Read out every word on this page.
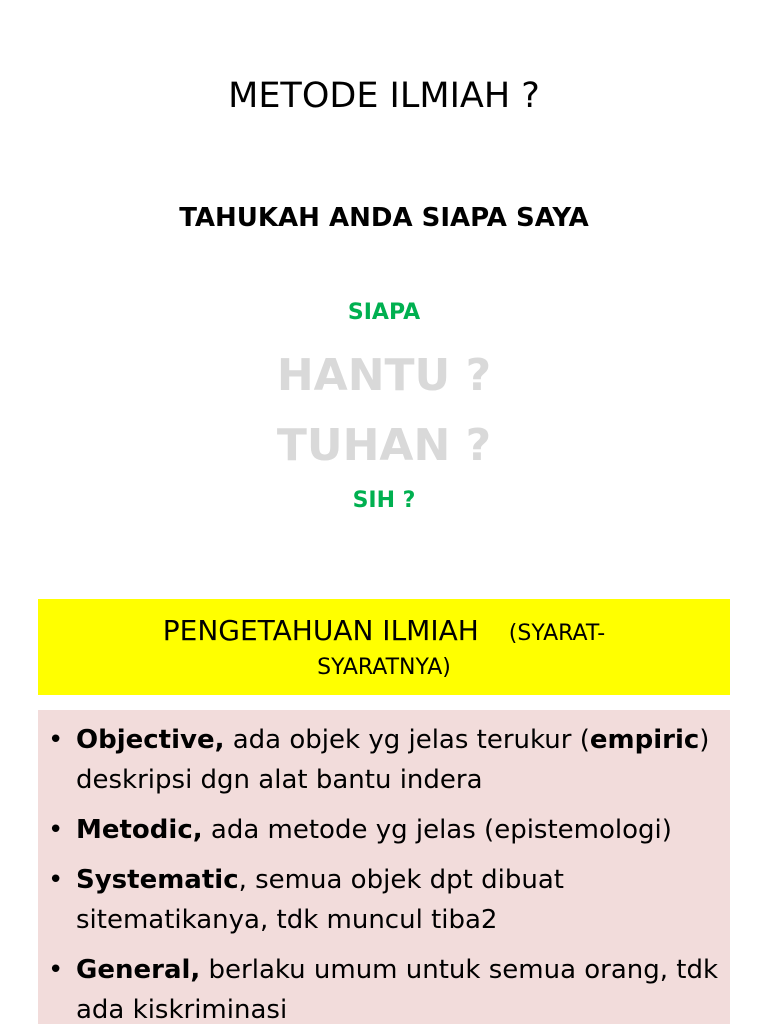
METODE ILMIAH ?
TAHUKAH ANDA SIAPA SAYA
SIAPA
HANTU ?
TUHAN ?
SIH ?
PENGETAHUAN ILMIAH (SYARAT-
SYARATNYA)
• Objective, ada objek yg jelas terukur (empiric) deskripsi dgn alat bantu indera
• Metodic, ada metode yg jelas (epistemologi)
• Systematic, semua objek dpt dibuat sitematikanya, tdk muncul tiba2
• General, berlaku umum untuk semua orang, tdk ada kiskriminasi
